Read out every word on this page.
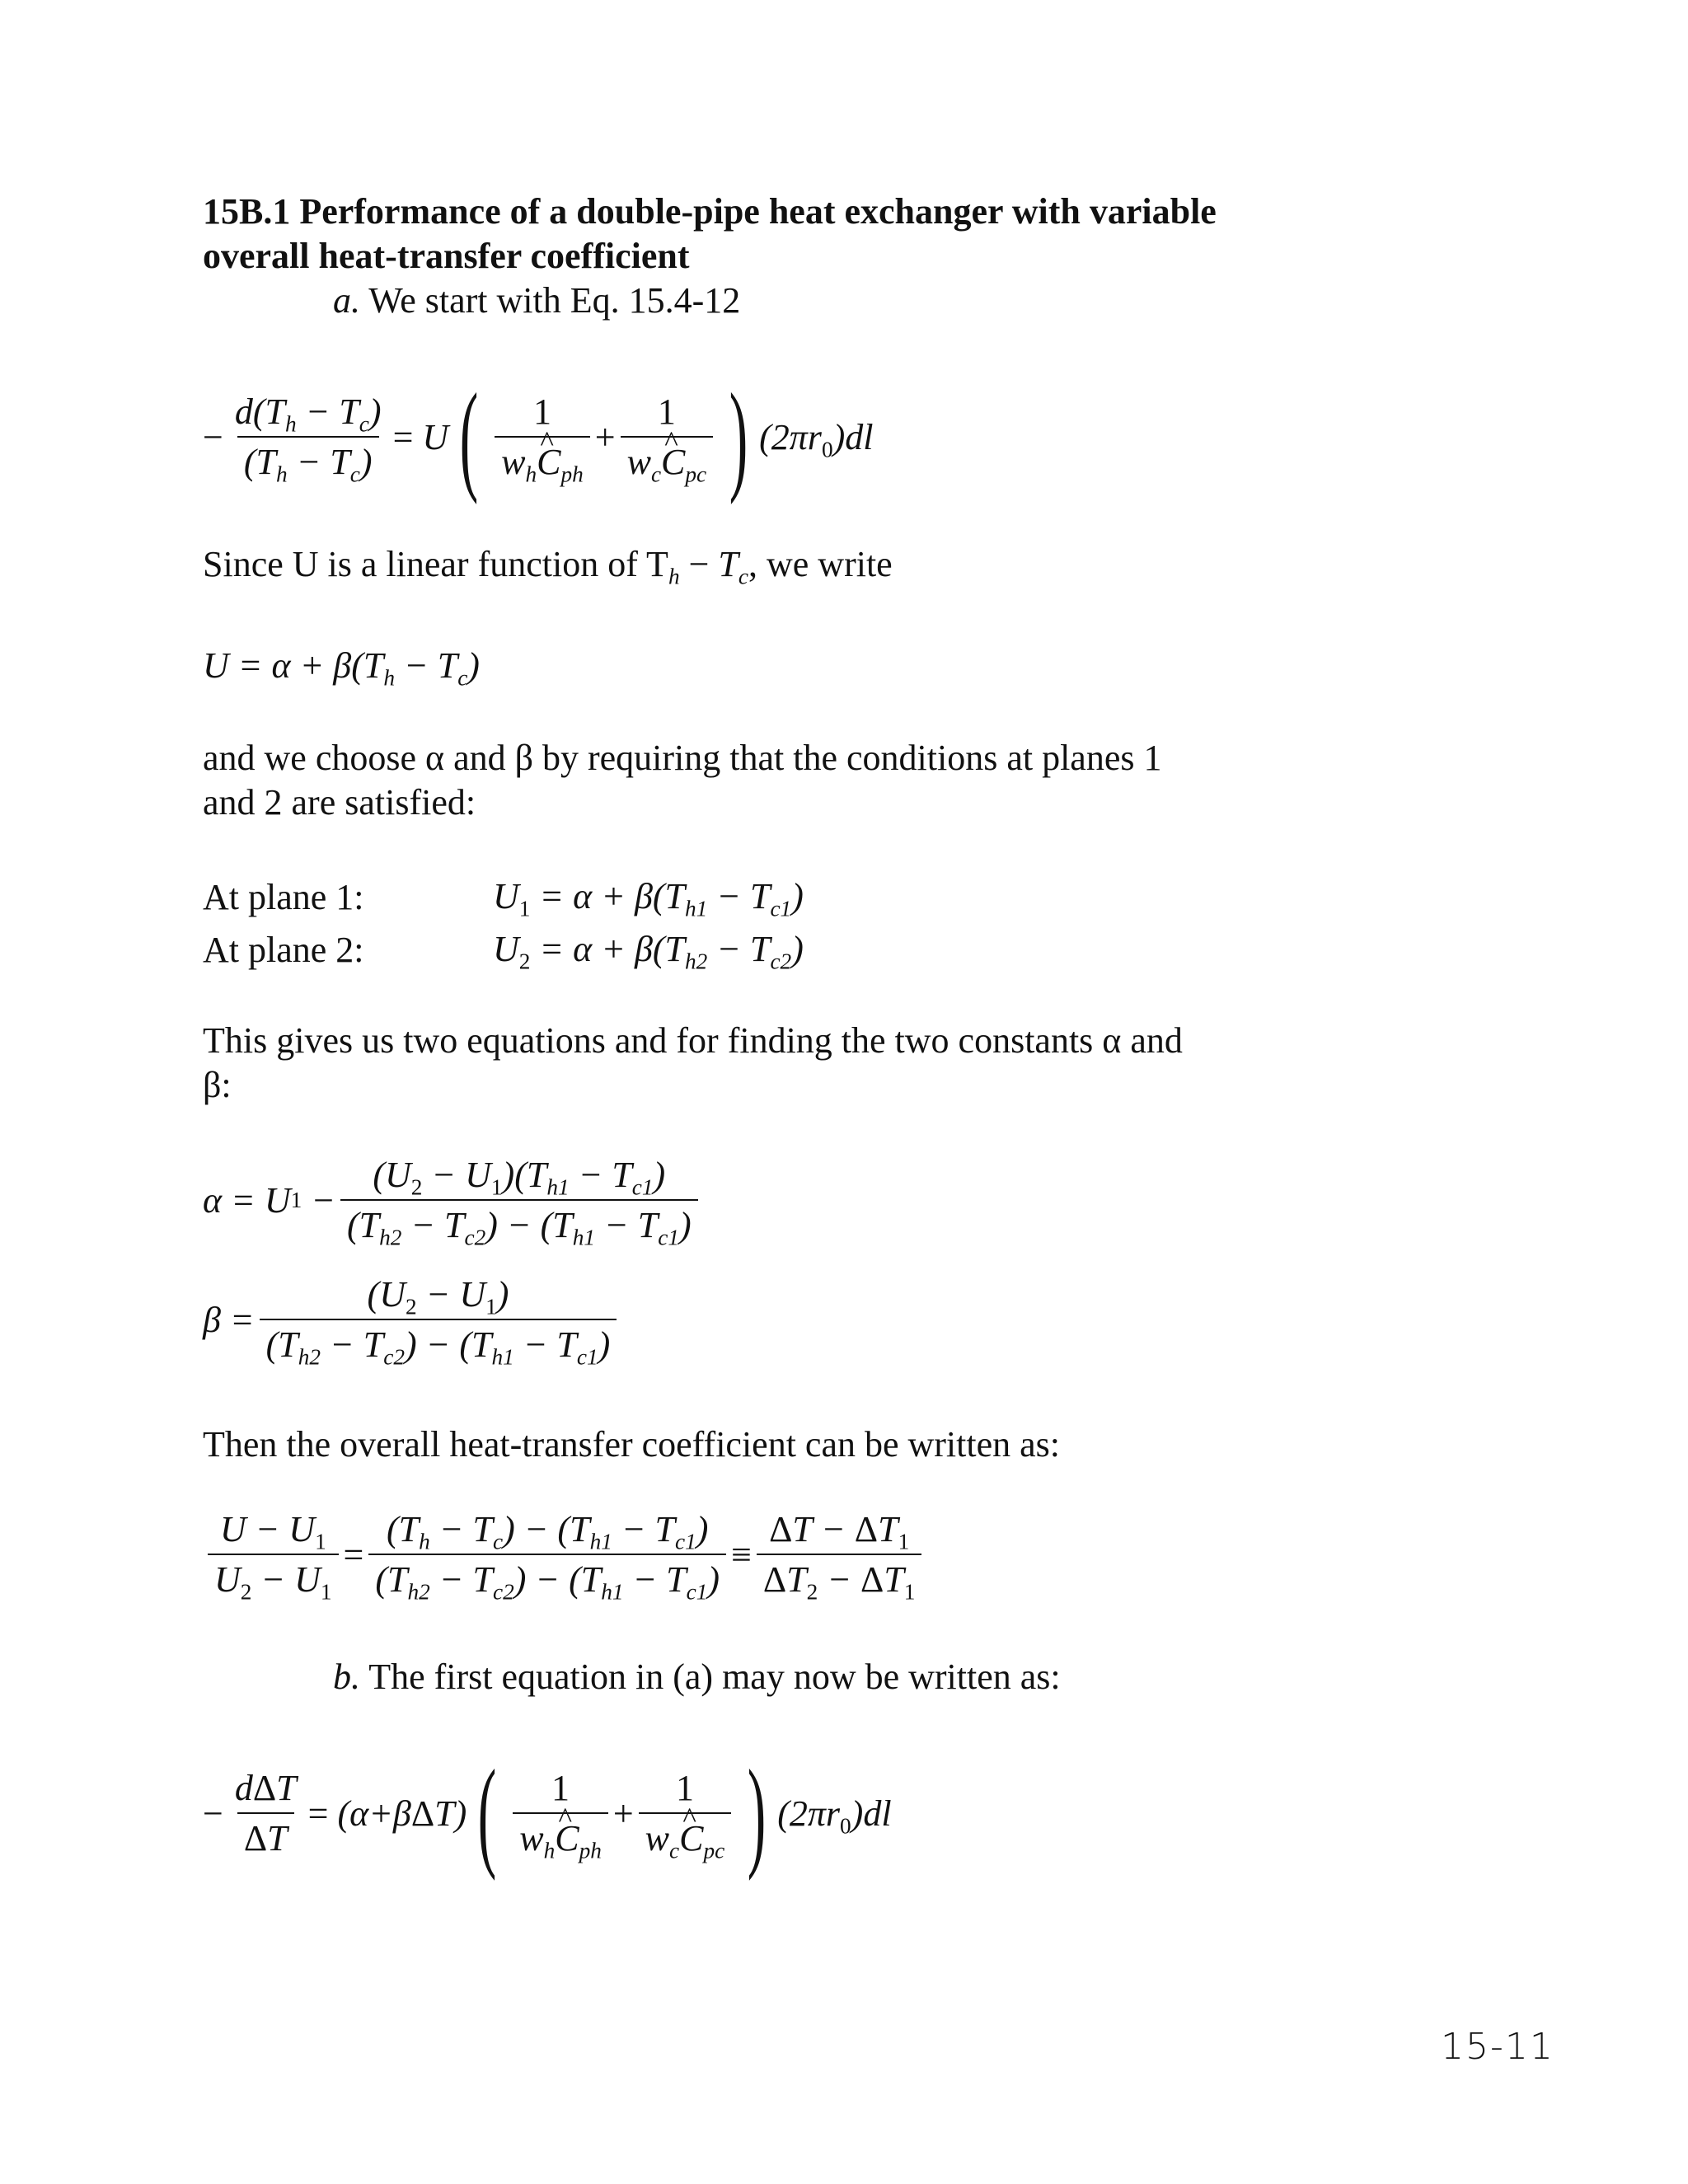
15B.1 Performance of a double-pipe heat exchanger with variable
overall heat-transfer coefficient
a. We start with Eq. 15.4-12
− $\frac{d(T_h - T_c)}{(T_h - T_c)}$ =
U ( $\frac{1}{w_h\^{} C_{ph}} + \frac{1}{w_c\^{} C_{pc}}$ ) $(2\pi r_0)dl$
Since U is a linear function of $T_h - T_c$, we write
$U = \alpha + \beta(T_h - T_c)$
and we choose α and β by requiring that the conditions at planes 1
and 2 are satisfied:
At plane 1:	$U_1 = \alpha + \beta(T_{h1} - T_{c1})$
At plane 2:	$U_2 = \alpha + \beta(T_{h2} - T_{c2})$
This gives us two equations and for finding the two constants α and
β:
α = U $1 - \frac{(U_2 - U_1)(T_{h1} - T_{c1})}{(T_{h2} - T_{c2}) - (T_{h1} - T_{c1})}$
$\beta = \frac{(U_2 - U_1)}{(T_{h2} - T_{c2}) - (T_{h1} - T_{c1})}$
Then the overall heat-transfer coefficient can be written as:
$\frac{U - U_1}{U_2 - U_1} = \frac{(T_h - T_c) - (T_{h1} - T_{c1})}{(T_{h2} - T_{c2}) - (T_{h1} - T_{c1})} \equiv \frac{\Delta T - \Delta T_1}{\Delta T_2 - \Delta T_1}$
b. The first equation in (a) may now be written as:
− $\frac{\text{dΔT}}{\Delta T}$ = ( α + β Δ T ) ( $\frac{1}{w_h\^{} C_{ph}} + \frac{1}{w_c\^{} C_{pc}}$ ) $(2\pi r_0)dl$
15-11
